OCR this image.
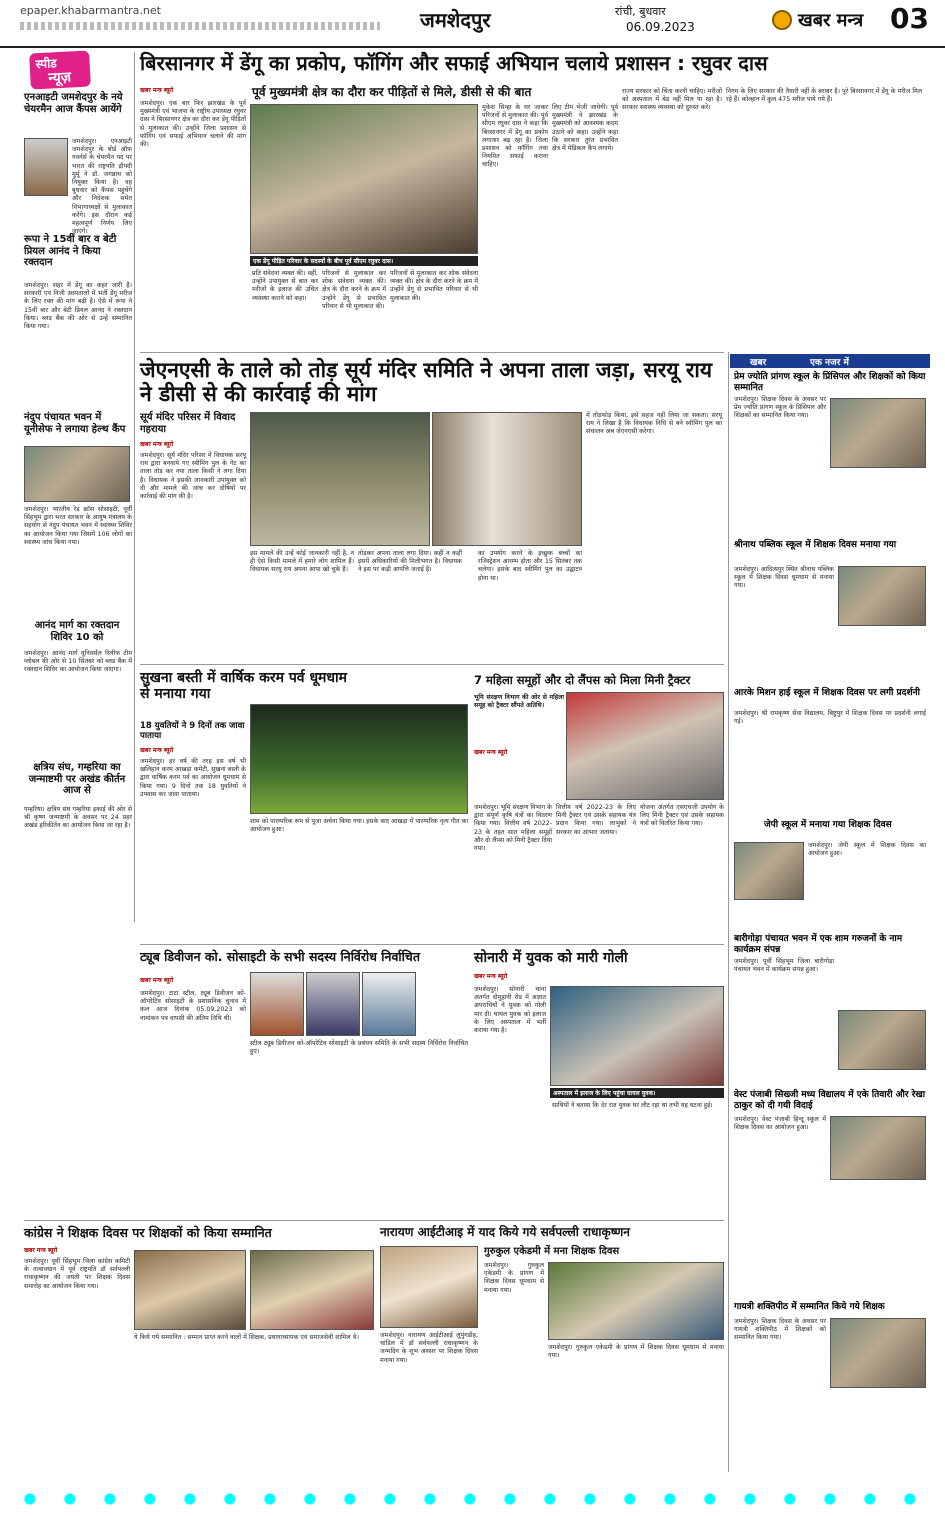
epaper.khabarmantra.net	जमशेदपुर	रांची, बुधवार
06.09.2023	खबर मन्त्र 03
स्पीड
न्यूज़
एनआइटी जमशेदपुर के नये चेयरमैन आज कैंपस आयेंगे
जमशेदपुर। एनआइटी जमशेदपुर के बोर्ड ऑफ गवर्नर्स के चेयरमैन पद पर भारत की राष्ट्रपति द्रौपदी मुर्मू ने डॉ. जगन्नाथ को नियुक्त किया है। वह बुधवार को कैंपस पहुंचेंगे और निदेशक समेत विभागाध्यक्षों से मुलाकात करेंगे। इस दौरान कई महत्वपूर्ण निर्णय लिए जाएंगे।
रूपा ने 15वीं बार व बेटी प्रियल आनंद ने किया रक्तदान
जमशेदपुर। शहर में डेंगू का कहर जारी है। सरकारी एवं निजी अस्पतालों में भर्ती डेंगू मरीज के लिए रक्त की मांग बढ़ी है। ऐसे में रूपा ने 15वीं बार और बेटी प्रियल आनंद ने रक्तदान किया। ब्लड बैंक की ओर से उन्हें सम्मानित किया गया।
नंदुप पंचायत भवन में यूनीसेफ ने लगाया हेल्थ कैंप
जमशेदपुर। भारतीय रेड क्रॉस सोसाइटी, पूर्वी सिंहभूम द्वारा भरत सरकार के आयुष मंत्रालय के सहयोग से नंदुप पंचायत भवन में स्वास्थ्य शिविर का आयोजन किया गया जिसमें 106 लोगों का स्वास्थ्य जांच किया गया।
आनंद मार्ग का रक्तदान शिविर 10 को
जमशेदपुर। आनंद मार्ग यूनिवर्सल रिलीफ टीम ग्लोबल की ओर से 10 सितंबर को ब्लड बैंक में रक्तदान शिविर का आयोजन किया जाएगा।
क्षत्रिय संघ, गम्हरिया का जन्माष्टमी पर अखंड कीर्तन आज से
गम्हरिया। क्षत्रिय संघ गम्हरिया इकाई की ओर से श्री कृष्ण जन्माष्टमी के अवसर पर 24 प्रहर अखंड हरिकीर्तन का आयोजन किया जा रहा है।
बिरसानगर में डेंगू का प्रकोप, फॉगिंग और सफाई अभियान चलाये प्रशासन : रघुवर दास
खबर मन्त्र ब्यूरो	पूर्व मुख्यमंत्री क्षेत्र का दौरा कर पीड़ितों से मिले, डीसी से की बात
जमशेदपुर। एक बार फिर झारखंड के पूर्व मुख्यमंत्री एवं भाजपा के राष्ट्रीय उपाध्यक्ष रघुवर दास ने बिरसानगर क्षेत्र का दौरा कर डेंगू पीड़ितों से मुलाकात की। उन्होंने जिला प्रशासन से फॉगिंग एवं सफाई अभियान चलाने की मांग की।
एक डेंगू पीड़ित परिवार के सदस्यों के बीच पूर्व सीएम रघुवर दास।
प्रति संवेदना व्यक्त की। वहीं, उन्होंने उपायुक्त से बात कर मरीजों के इलाज की उचित व्यवस्था कराने को कहा।
परिजनों से मुलाकात कर शोक संवेदना व्यक्त की। क्षेत्र के दौरा करने के क्रम में उन्होंने डेंगू से प्रभावित परिवार से भी मुलाकात की।
परिजनों से मुलाकात कर शोक संवेदना व्यक्त की। क्षेत्र के दौरा करने के क्रम में उन्होंने डेंगू से प्रभावित परिवार से भी मुलाकात की।
मुकेश सिन्हा के घर जाकर परिजनों से मुलाकात की। पूर्व सीएम रघुवर दास ने कहा कि बिरसानगर में डेंगू का प्रकोप लगातार बढ़ रहा है। जिला प्रशासन को फॉगिंग तथा नियमित सफाई कराना चाहिए।
लिए टीम भेजी जायेगी। पूर्व मुख्यमंत्री ने झारखंड के मुख्यमंत्री को आवश्यक कदम उठाने को कहा। उन्होंने कहा कि सरकार तुरंत प्रभावित क्षेत्र में मेडिकल कैंप लगाये।
राज्य सरकार को चिंता करनी चाहिए। मरीजों को अस्पताल में बेड नहीं मिल पा रहा है। सरकार स्वास्थ्य व्यवस्था को दुरुस्त करे।
निगम के लिए सरकार की तैयारी नहीं के बराबर है। पूरे बिरसानगर में डेंगू के मरीज मिल रहे हैं। कोल्हान में कुल 475 मरीज पाये गये हैं।
जेएनएसी के ताले को तोड़ सूर्य मंदिर समिति ने अपना ताला जड़ा, सरयू राय ने डीसी से की कार्रवाई की मांग
सूर्य मंदिर परिसर में विवाद गहराया
खबर मन्त्र ब्यूरो
जमशेदपुर। सूर्य मंदिर परिसर में विधायक सरयू राय द्वारा बनवाये गए स्वीमिंग पुल के गेट का ताला तोड़ कर नया ताला किसी ने लगा दिया है। विधायक ने इसकी जानकारी उपायुक्त को दी और मामले की जांच कर दोषियों पर कार्रवाई की मांग की है।
इस मामले की उन्हें कोई जानकारी नहीं है, न ही ऐसे किसी मामले में हमारे लोग शामिल हैं। विधायक सरयू राय अपना आपा खो चुके हैं।
तोड़कर अपना ताला लगा दिया। कहीं न कहीं इसमें अधिकारियों की मिलीभगत है। विधायक ने इस पर कड़ी आपत्ति जताई है।
का उपयोग करने के इच्छुक बच्चों का रजिस्ट्रेशन आरम्भ होता और 15 सितंबर तक चलेगा। इसके बाद स्वीमिंग पुल का उद्घाटन होना था।
में तोड़फोड़ किया, इसे सहज नहीं लिया जा सकता। सरयू राय ने लिखा है कि विधायक निधि से बने स्वीमिंग पुल का संचालन अब जेएनएसी करेगा।
सुखना बस्ती में वार्षिक करम पर्व धूमधाम से मनाया गया
18 युवतियों ने 9 दिनों तक जावा पाताया
खबर मन्त्र ब्यूरो
जमशेदपुर। हर वर्ष की तरह इस वर्ष भी खलिहान करम आखड़ा कमेटी, सुखना बस्ती के द्वारा वार्षिक करम पर्व का आयोजन धूमधाम से किया गया। 9 दिनों तक 18 युवतियों ने उपवास कर जावा पाताया।
शाम को पारम्परिक रूप से पूजा अर्चना किया गया। इसके बाद आखड़ा में पारम्परिक नृत्य गीत का आयोजन हुआ।
7 महिला समूहों और दो लैंपस को मिला मिनी ट्रैक्टर
भूमि संरक्षण विभाग की ओर से महिला समूह को ट्रैक्टर सौंपते अतिथि।
खबर मन्त्र ब्यूरो
जमशेदपुर। भूमि संरक्षण विभाग के द्वारा संपूर्ण कृषि यंत्रों का वितरण किया गया। वित्तीय वर्ष 2022-23 के तहत सात महिला समूहों और दो लैंपस को मिनी ट्रैक्टर दिया गया।
वित्तीय वर्ष 2022-23 के लिए मिनी ट्रैक्टर एवं उसके सहायक यंत्र प्रदान किया गया। लाभुकों ने सरकार का आभार जताया।
योजना अंतर्गत एसएचजी उपयोग के लिए मिनी ट्रैक्टर एवं उसके सहायक यंत्रों को वितरित किया गया।
ट्यूब डिवीजन को. सोसाइटी के सभी सदस्य निर्विरोध निर्वाचित
खबर मन्त्र ब्यूरो
जमशेदपुर। टाटा स्टील, ट्यूब डिवीजन को-ऑपरेटिव सोसाइटी के प्रशासनिक चुनाव में कल आज दिनांक 05.09.2023 को नामांकन पत्र वापसी की अंतिम तिथि थी।
स्टील ट्यूब डिवीजन को-ऑपरेटिव सोसाइटी के प्रबंधन समिति के सभी सदस्य निर्विरोध निर्वाचित हुए।
सोनारी में युवक को मारी गोली
खबर मन्त्र ब्यूरो
अस्पताल में इलाज के लिए पहुंचा घायल युवक।
जमशेदपुर। सोनारी थाना अंतर्गत दोमुहानी रोड में अज्ञात अपराधियों ने युवक को गोली मार दी। घायल युवक को इलाज के लिए अस्पताल में भर्ती कराया गया है।
साथियों ने बताया कि देर रात युवक घर लौट रहा था तभी यह घटना हुई।
कांग्रेस ने शिक्षक दिवस पर शिक्षकों को किया सम्मानित
खबर मन्त्र ब्यूरो
जमशेदपुर। पूर्वी सिंहभूम जिला कांग्रेस कमिटी के तत्वावधान में पूर्व राष्ट्रपति डॉ सर्वपल्ली राधाकृष्णन की जयंती पर शिक्षक दिवस समारोह का आयोजन किया गया।
ये किये गये सम्मानित : सम्मान प्राप्त करने वालों में शिक्षक, प्रधानाध्यापक एवं समाजसेवी शामिल थे।
नारायण आईटीआइ में याद किये गये सर्वपल्ली राधाकृष्णन
जमशेदपुर। नारायण आईटीआई लुपुंगडीह, चांडिल में डॉ सर्वपल्ली राधाकृष्णन के जन्मदिन के शुभ अवसर पर शिक्षक दिवस मनाया गया।
गुरुकुल एकेडमी में मना शिक्षक दिवस
जमशेदपुर। गुरुकुल एकेडमी के प्रांगण में शिक्षक दिवस धूमधाम से मनाया गया।
जमशेदपुर। गुरुकुल एकेडमी के प्रांगण में शिक्षक दिवस धूमधाम से मनाया गया।
खबर	एक नजर में
प्रेम ज्योति प्रांगण स्कूल के प्रिंसिपल और शिक्षकों को किया सम्मानित
जमशेदपुर। शिक्षक दिवस के अवसर पर प्रेम ज्योति प्रांगण स्कूल के प्रिंसिपल और शिक्षकों का सम्मानित किया गया।
श्रीनाथ पब्लिक स्कूल में शिक्षक दिवस मनाया गया
जमशेदपुर। आदित्यपुर स्थित श्रीनाथ पब्लिक स्कूल में शिक्षक दिवस धूमधाम से मनाया गया।
आरके मिशन हाई स्कूल में शिक्षक दिवस पर लगी प्रदर्शनी
जमशेदपुर। श्री रामकृष्ण सेवा विद्यालय, बिष्टुपुर में शिक्षक दिवस पर प्रदर्शनी लगाई गई।
जेपी स्कूल में मनाया गया शिक्षक दिवस
जमशेदपुर। जेपी स्कूल में शिक्षक दिवस का आयोजन हुआ।
बारीगोड़ा पंचायत भवन में एक शाम गरुजनों के नाम कार्यक्रम संपन्न
जमशेदपुर। पूर्वी सिंहभूम जिला बारीगोड़ा पंचायत भवन में कार्यक्रम संपन्न हुआ।
वेस्ट पंजाबी सिख्जी मध्य विद्यालय में एके तिवारी और रेखा ठाकुर को दी गयी विदाई
जमशेदपुर। वेस्ट पंजाबी हिन्दू स्कूल में शिक्षक दिवस का आयोजन हुआ।
गायत्री शक्तिपीठ में सम्मानित किये गये शिक्षक
जमशेदपुर। शिक्षक दिवस के अवसर पर गायत्री शक्तिपीठ में शिक्षकों को सम्मानित किया गया।
